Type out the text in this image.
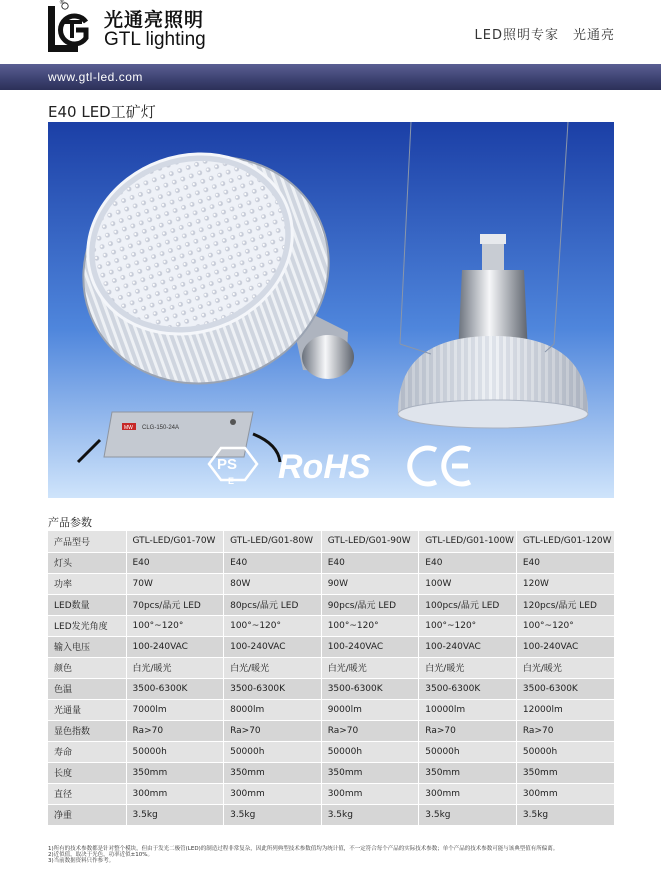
®
光通亮照明
GTL lighting	LED照明专家　光通亮
www.gtl-led.com
E40 LED工矿灯
MW CLG-150-24A
PS
E RoHS
产品参数
产品型号	GTL-LED/G01-70W	GTL-LED/G01-80W	GTL-LED/G01-90W	GTL-LED/G01-100W	GTL-LED/G01-120W
灯头	E40	E40	E40	E40	E40
功率	70W	80W	90W	100W	120W
LED数量	70pcs/晶元 LED	80pcs/晶元 LED	90pcs/晶元 LED	100pcs/晶元 LED	120pcs/晶元 LED
LED发光角度	100°~120°	100°~120°	100°~120°	100°~120°	100°~120°
输入电压	100-240VAC	100-240VAC	100-240VAC	100-240VAC	100-240VAC
颜色	白光/暖光	白光/暖光	白光/暖光	白光/暖光	白光/暖光
色温	3500-6300K	3500-6300K	3500-6300K	3500-6300K	3500-6300K
光通量	7000lm	8000lm	9000lm	10000lm	12000lm
显色指数	Ra>70	Ra>70	Ra>70	Ra>70	Ra>70
寿命	50000h	50000h	50000h	50000h	50000h
长度	350mm	350mm	350mm	350mm	350mm
直径	300mm	300mm	300mm	300mm	300mm
净重	3.5kg	3.5kg	3.5kg	3.5kg	3.5kg
1)所有的技术参数都是针对整个模块，但由于发光二极管(LED)的制造过程非常复杂，因此所列典型技术参数值均为统计值，不一定符合每个产品的实际技术参数；单个产品的技术参数可能与该典型值有所偏离。
2)近似值，取决于光色，功率近似±10%。
3)当前数据资料只作参考。
